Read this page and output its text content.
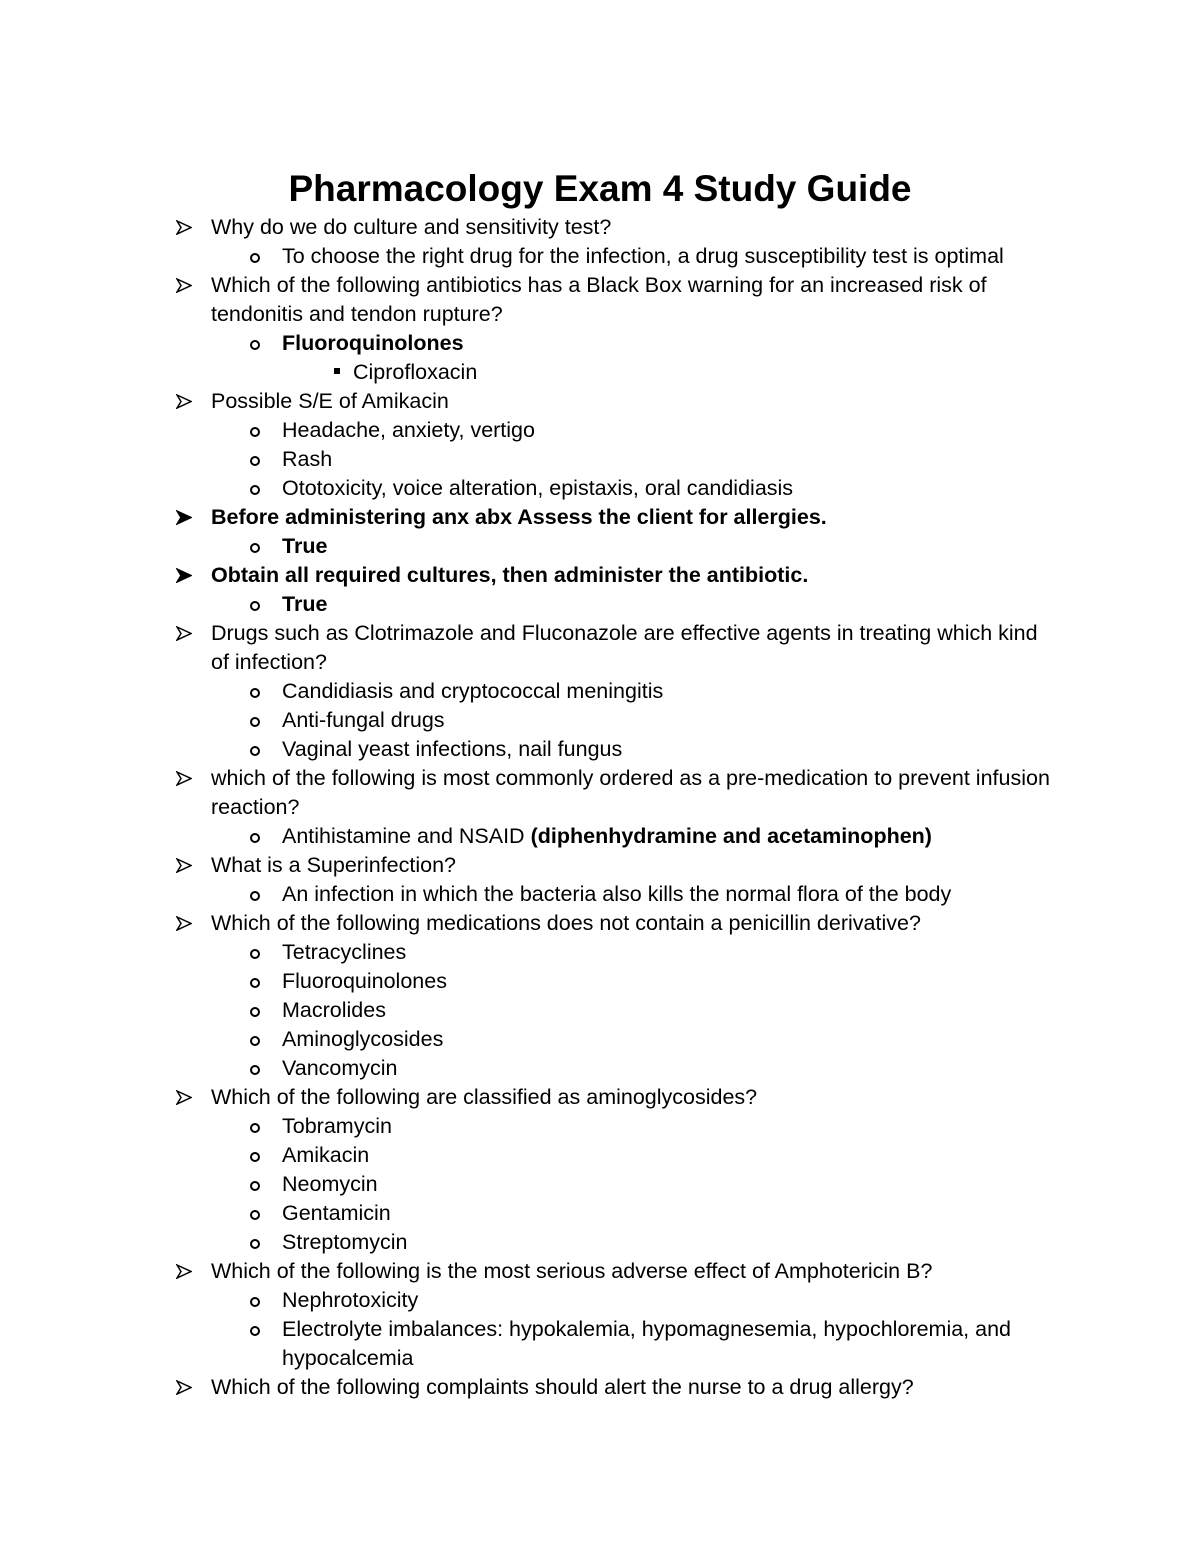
Pharmacology Exam 4 Study Guide
Why do we do culture and sensitivity test?
To choose the right drug for the infection, a drug susceptibility test is optimal
Which of the following antibiotics has a Black Box warning for an increased risk of tendonitis and tendon rupture?
Fluoroquinolones
Ciprofloxacin
Possible S/E of Amikacin
Headache, anxiety, vertigo
Rash
Ototoxicity, voice alteration, epistaxis, oral candidiasis
Before administering anx abx Assess the client for allergies.
True
Obtain all required cultures, then administer the antibiotic.
True
Drugs such as Clotrimazole and Fluconazole are effective agents in treating which kind of infection?
Candidiasis and cryptococcal meningitis
Anti-fungal drugs
Vaginal yeast infections, nail fungus
which of the following is most commonly ordered as a pre-medication to prevent infusion reaction?
Antihistamine and NSAID (diphenhydramine and acetaminophen)
What is a Superinfection?
An infection in which the bacteria also kills the normal flora of the body
Which of the following medications does not contain a penicillin derivative?
Tetracyclines
Fluoroquinolones
Macrolides
Aminoglycosides
Vancomycin
Which of the following are classified as aminoglycosides?
Tobramycin
Amikacin
Neomycin
Gentamicin
Streptomycin
Which of the following is the most serious adverse effect of Amphotericin B?
Nephrotoxicity
Electrolyte imbalances: hypokalemia, hypomagnesemia, hypochloremia, and hypocalcemia
Which of the following complaints should alert the nurse to a drug allergy?
